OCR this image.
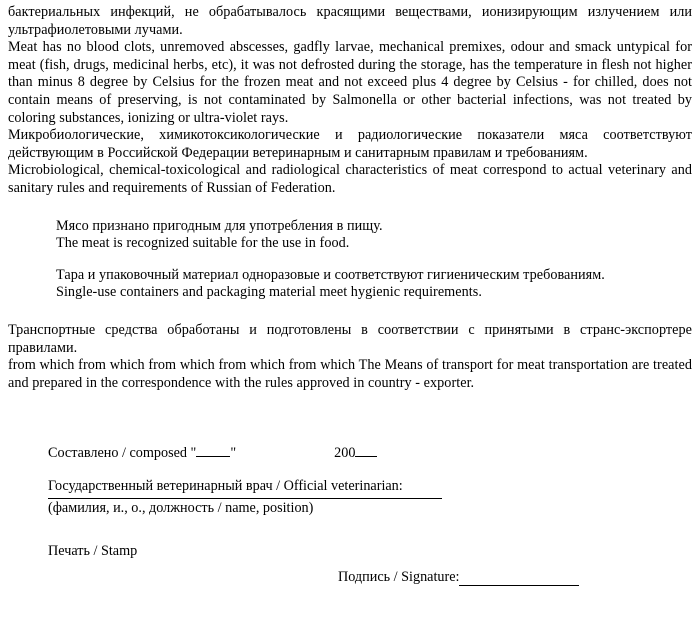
бактериальных инфекций, не обрабатывалось красящими веществами, ионизирующим излучением или ультрафиолетовыми лучами.

Meat has no blood clots, unremoved abscesses, gadfly larvae, mechanical premixes, odour and smack untypical for meat (fish, drugs, medicinal herbs, etc), it was not defrosted during the storage, has the temperature in flesh not higher than minus 8 degree by Celsius for the frozen meat and not exceed plus 4 degree by Celsius - for chilled, does not contain means of preserving, is not contaminated by Salmonella or other bacterial infections, was not treated by coloring substances, ionizing or ultra-violet rays.

Микробиологические, химикотоксикологические и радиологические показатели мяса соответствуют действующим в Российской Федерации ветеринарным и санитарным правилам и требованиям.

Microbiological, chemical-toxicological and radiological characteristics of meat correspond to actual veterinary and sanitary rules and requirements of Russian of Federation.

Мясо признано пригодным для употребления в пищу.

The meat is recognized suitable for the use in food.

Тара и упаковочный материал одноразовые и соответствуют гигиеническим требованиям.

Single-use containers and packaging material meet hygienic requirements.

Транспортные средства обработаны и подготовлены в соответствии с принятыми в странс-экспортере правилами.

from which from which from which from which from which The Means of transport for meat transportation are treated and prepared in the correspondence with the rules approved in country - exporter.

Составлено / composed " "	200
Государственный ветеринарный врач / Official veterinarian:
(фамилия, и., о., должность / name, position)
Печать / Stamp
Подпись / Signature:
